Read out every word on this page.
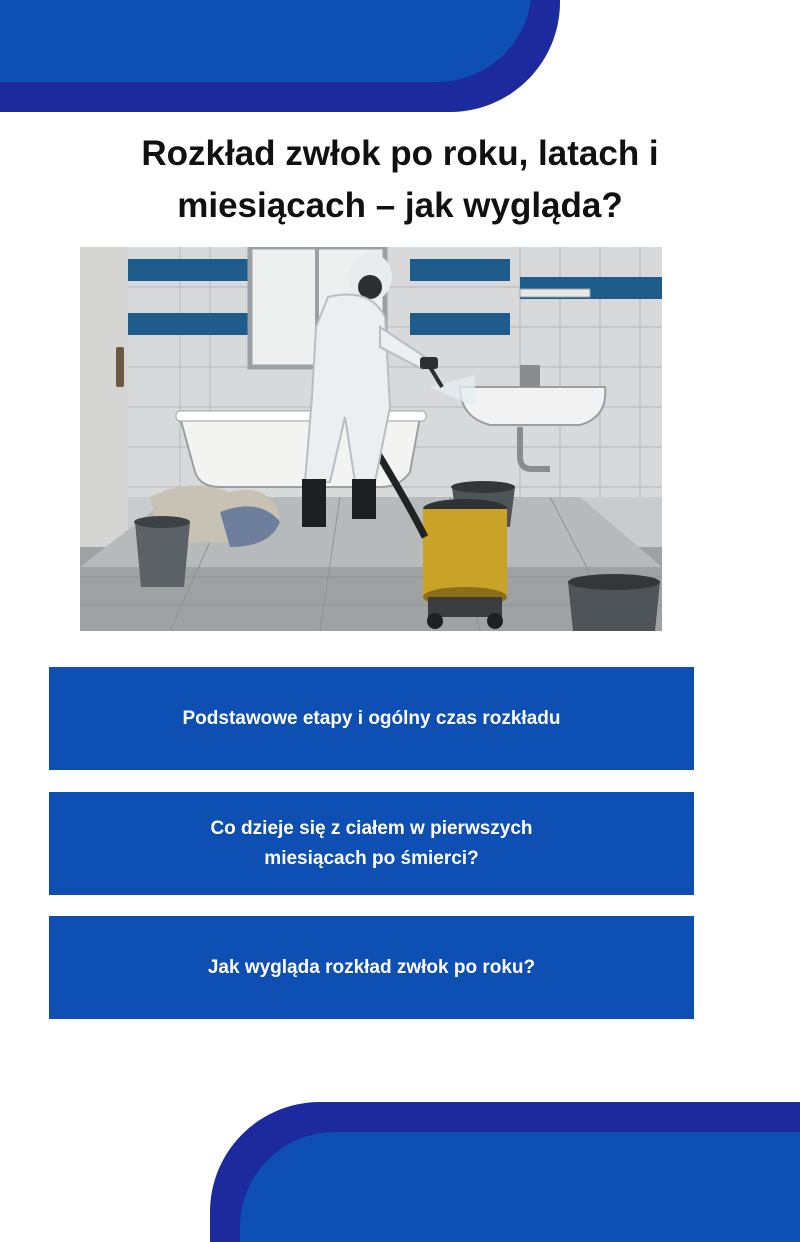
Rozkład zwłok po roku, latach i
miesiącach – jak wygląda?
Podstawowe etapy i ogólny czas rozkładu
Co dzieje się z ciałem w pierwszych
miesiącach po śmierci?
Jak wygląda rozkład zwłok po roku?
